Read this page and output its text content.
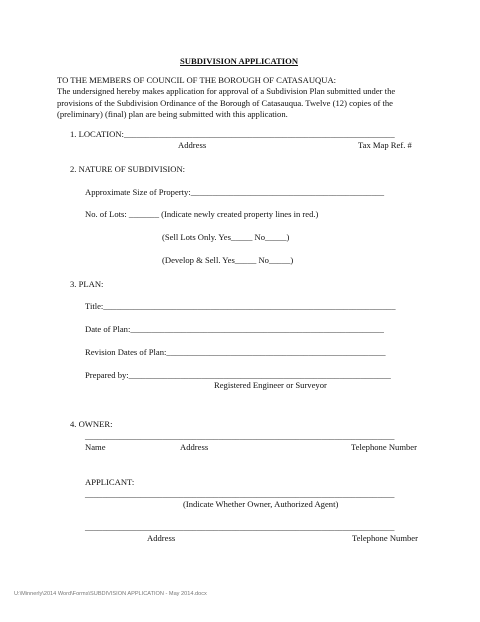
SUBDIVISION APPLICATION
TO THE MEMBERS OF COUNCIL OF THE BOROUGH OF CATASAUQUA:
The undersigned hereby makes application for approval of a Subdivision Plan submitted under the
provisions of the Subdivision Ordinance of the Borough of Catasauqua. Twelve (12) copies of the
(preliminary) (final) plan are being submitted with this application.
1. LOCATION:_______________________________________________________________
Address	Tax Map Ref. #
2. NATURE OF SUBDIVISION:
Approximate Size of Property:_____________________________________________
No. of Lots: _______ (Indicate newly created property lines in red.)
(Sell Lots Only. Yes_____ No_____)
(Develop & Sell. Yes_____ No_____)
3. PLAN:
Title:____________________________________________________________________
Date of Plan:___________________________________________________________
Revision Dates of Plan:___________________________________________________
Prepared by:_____________________________________________________________
Registered Engineer or Surveyor
4. OWNER:
________________________________________________________________________
Name	Address	Telephone Number
APPLICANT:
________________________________________________________________________
(Indicate Whether Owner, Authorized Agent)
________________________________________________________________________
Address	Telephone Number
U:\Minnerly\2014 Word\Forms\SUBDIVISION APPLICATION - May 2014.docx
